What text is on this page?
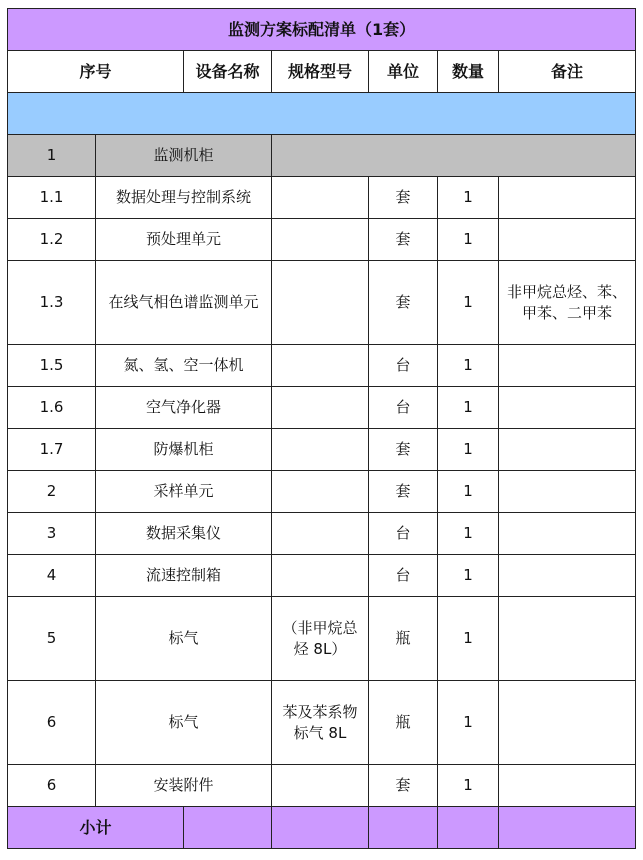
监测方案标配清单（1套）						
序号		设备名称	规格型号	单位	数量	备注

1	监测机柜					
1.1	数据处理与控制系统			套	1	
1.2	预处理单元			套	1	
1.3	在线气相色谱监测单元			套	1	非甲烷总烃、苯、甲苯、二甲苯
1.5	氮、氢、空一体机			台	1	
1.6	空气净化器			台	1	
1.7	防爆机柜			套	1	
2	采样单元			套	1	
3	数据采集仪			台	1	
4	流速控制箱			台	1	
5	标气		（非甲烷总烃 8L）	瓶	1	
6	标气		苯及苯系物标气 8L	瓶	1	
6	安装附件			套	1	
小计						
